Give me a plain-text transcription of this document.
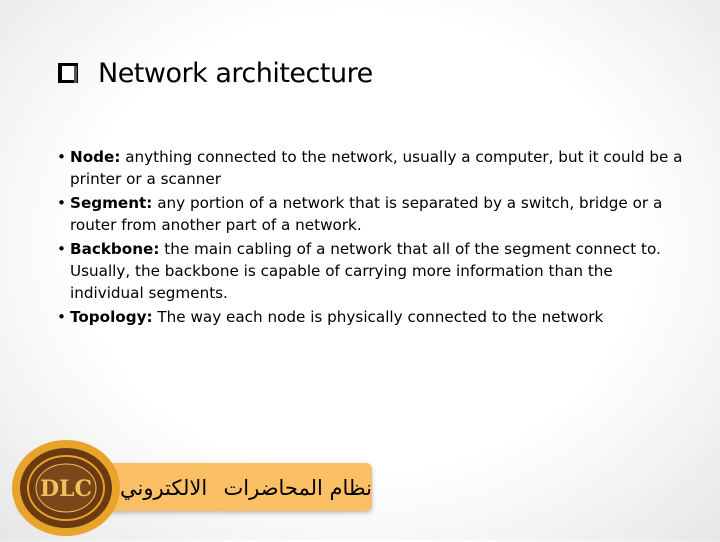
Network architecture
• Node: anything connected to the network, usually a computer, but it could be a printer or a scanner
• Segment: any portion of a network that is separated by a switch, bridge or a router from another part of a network.
• Backbone: the main cabling of a network that all of the segment connect to. Usually, the backbone is capable of carrying more information than the individual segments.
• Topology: The way each node is physically connected to the network
نظام المحاضرات
الالكتروني
DLC
